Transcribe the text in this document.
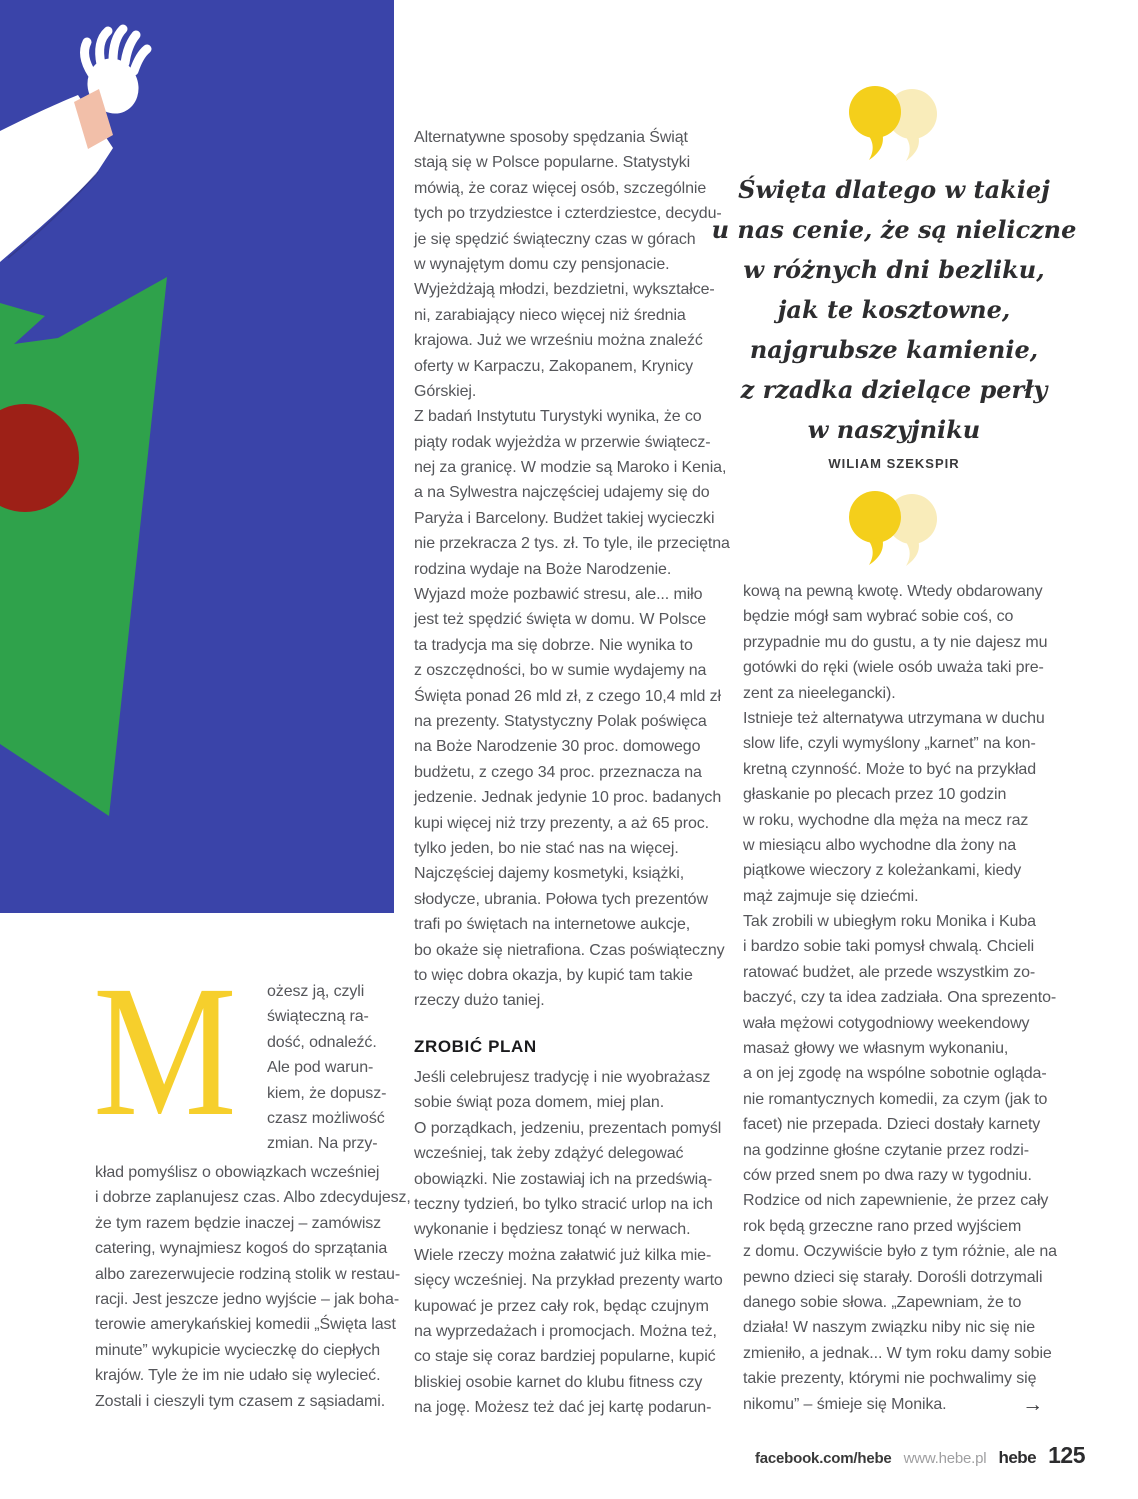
Święta dlatego w takiej
u nas cenie, że są nieliczne
w różnych dni bezliku,
jak te kosztowne,
najgrubsze kamienie,
z rzadka dzielące perły
w naszyjniku
WILIAM SZEKSPIR
Alternatywne sposoby spędzania Świąt
stają się w Polsce popularne. Statystyki
mówią, że coraz więcej osób, szczególnie
tych po trzydziestce i czterdziestce, decydu-
je się spędzić świąteczny czas w górach
w wynajętym domu czy pensjonacie.
Wyjeżdżają młodzi, bezdzietni, wykształce-
ni, zarabiający nieco więcej niż średnia
krajowa. Już we wrześniu można znaleźć
oferty w Karpaczu, Zakopanem, Krynicy
Górskiej.
Z badań Instytutu Turystyki wynika, że co
piąty rodak wyjeżdża w przerwie świątecz-
nej za granicę. W modzie są Maroko i Kenia,
a na Sylwestra najczęściej udajemy się do
Paryża i Barcelony. Budżet takiej wycieczki
nie przekracza 2 tys. zł. To tyle, ile przeciętna
rodzina wydaje na Boże Narodzenie.
Wyjazd może pozbawić stresu, ale... miło
jest też spędzić święta w domu. W Polsce
ta tradycja ma się dobrze. Nie wynika to
z oszczędności, bo w sumie wydajemy na
Święta ponad 26 mld zł, z czego 10,4 mld zł
na prezenty. Statystyczny Polak poświęca
na Boże Narodzenie 30 proc. domowego
budżetu, z czego 34 proc. przeznacza na
jedzenie. Jednak jedynie 10 proc. badanych
kupi więcej niż trzy prezenty, a aż 65 proc.
tylko jeden, bo nie stać nas na więcej.
Najczęściej dajemy kosmetyki, książki,
słodycze, ubrania. Połowa tych prezentów
trafi po świętach na internetowe aukcje,
bo okaże się nietrafiona. Czas poświąteczny
to więc dobra okazja, by kupić tam takie
rzeczy dużo taniej.
ZROBIĆ PLAN
Jeśli celebrujesz tradycję i nie wyobrażasz
sobie świąt poza domem, miej plan.
O porządkach, jedzeniu, prezentach pomyśl
wcześniej, tak żeby zdążyć delegować
obowiązki. Nie zostawiaj ich na przedświą-
teczny tydzień, bo tylko stracić urlop na ich
wykonanie i będziesz tonąć w nerwach.
Wiele rzeczy można załatwić już kilka mie-
sięcy wcześniej. Na przykład prezenty warto
kupować je przez cały rok, będąc czujnym
na wyprzedażach i promocjach. Można też,
co staje się coraz bardziej popularne, kupić
bliskiej osobie karnet do klubu fitness czy
na jogę. Możesz też dać jej kartę podarun-
kową na pewną kwotę. Wtedy obdarowany
będzie mógł sam wybrać sobie coś, co
przypadnie mu do gustu, a ty nie dajesz mu
gotówki do ręki (wiele osób uważa taki pre-
zent za nieelegancki).
Istnieje też alternatywa utrzymana w duchu
slow life, czyli wymyślony „karnet” na kon-
kretną czynność. Może to być na przykład
głaskanie po plecach przez 10 godzin
w roku, wychodne dla męża na mecz raz
w miesiącu albo wychodne dla żony na
piątkowe wieczory z koleżankami, kiedy
mąż zajmuje się dziećmi.
Tak zrobili w ubiegłym roku Monika i Kuba
i bardzo sobie taki pomysł chwalą. Chcieli
ratować budżet, ale przede wszystkim zo-
baczyć, czy ta idea zadziała. Ona sprezento-
wała mężowi cotygodniowy weekendowy
masaż głowy we własnym wykonaniu,
a on jej zgodę na wspólne sobotnie ogląda-
nie romantycznych komedii, za czym (jak to
facet) nie przepada. Dzieci dostały karnety
na godzinne głośne czytanie przez rodzi-
ców przed snem po dwa razy w tygodniu.
Rodzice od nich zapewnienie, że przez cały
rok będą grzeczne rano przed wyjściem
z domu. Oczywiście było z tym różnie, ale na
pewno dzieci się starały. Dorośli dotrzymali
danego sobie słowa. „Zapewniam, że to
działa! W naszym związku niby nic się nie
zmieniło, a jednak... W tym roku damy sobie
takie prezenty, którymi nie pochwalimy się
nikomu” – śmieje się Monika.	→
M ożesz ją, czyli
świąteczną ra-
dość, odnaleźć.
Ale pod warun-
kiem, że dopusz-
czasz możliwość
zmian. Na przy-
kład pomyślisz o obowiązkach wcześniej
i dobrze zaplanujesz czas. Albo zdecydujesz,
że tym razem będzie inaczej – zamówisz
catering, wynajmiesz kogoś do sprzątania
albo zarezerwujecie rodziną stolik w restau-
racji. Jest jeszcze jedno wyjście – jak boha-
terowie amerykańskiej komedii „Święta last
minute” wykupicie wycieczkę do ciepłych
krajów. Tyle że im nie udało się wylecieć.
Zostali i cieszyli tym czasem z sąsiadami.
facebook.com/hebe www.hebe.pl hebe 125
